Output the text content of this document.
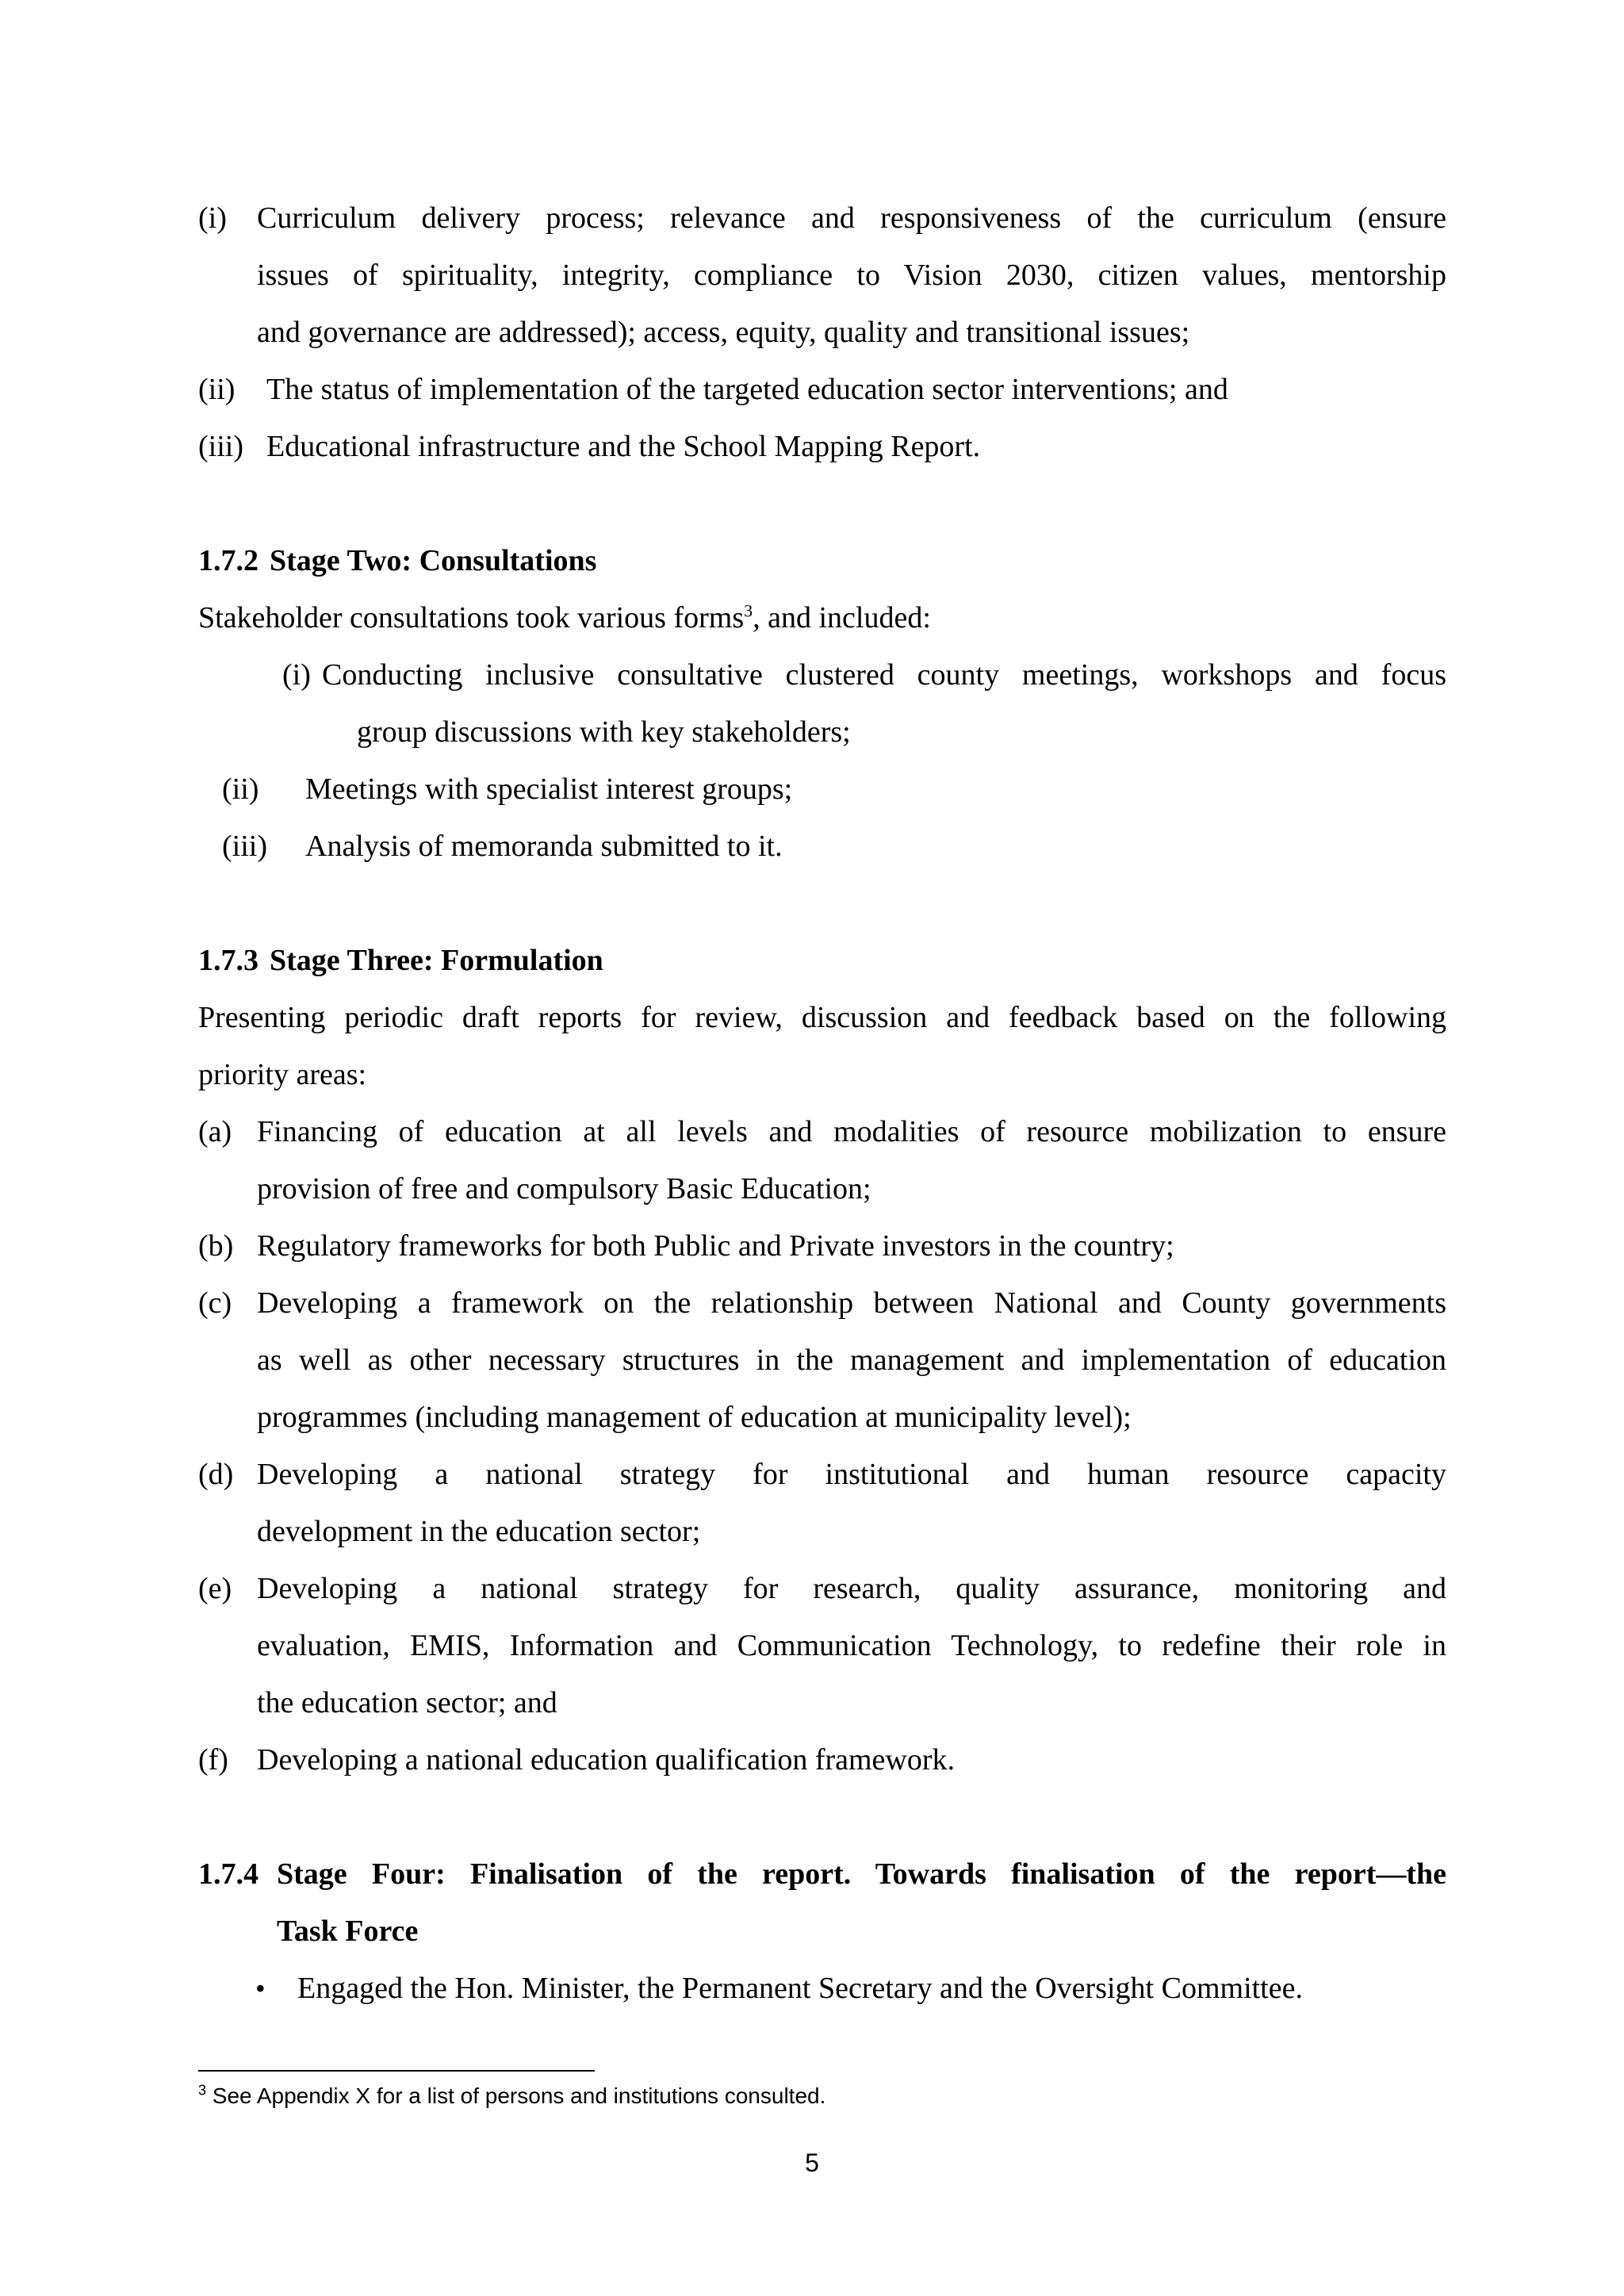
(i) Curriculum delivery process; relevance and responsiveness of the curriculum (ensure
issues of spirituality, integrity, compliance to Vision 2030, citizen values, mentorship
and governance are addressed); access, equity, quality and transitional issues;
(ii) The status of implementation of the targeted education sector interventions; and
(iii) Educational infrastructure and the School Mapping Report.
1.7.2 Stage Two: Consultations
Stakeholder consultations took various forms$^3$, and included:
(i) Conducting inclusive consultative clustered county meetings, workshops and focus
group discussions with key stakeholders;
(ii) Meetings with specialist interest groups;
(iii) Analysis of memoranda submitted to it.
1.7.3 Stage Three: Formulation
Presenting periodic draft reports for review, discussion and feedback based on the following
priority areas:
(a) Financing of education at all levels and modalities of resource mobilization to ensure
provision of free and compulsory Basic Education;
(b) Regulatory frameworks for both Public and Private investors in the country;
(c) Developing a framework on the relationship between National and County governments
as well as other necessary structures in the management and implementation of education
programmes (including management of education at municipality level);
(d) Developing a national strategy for institutional and human resource capacity
development in the education sector;
(e) Developing a national strategy for research, quality assurance, monitoring and
evaluation, EMIS, Information and Communication Technology, to redefine their role in
the education sector; and
(f) Developing a national education qualification framework.
1.7.4 Stage Four: Finalisation of the report. Towards finalisation of the report—the
Task Force
• Engaged the Hon. Minister, the Permanent Secretary and the Oversight Committee.
$^3$ See Appendix X for a list of persons and institutions consulted.
5
